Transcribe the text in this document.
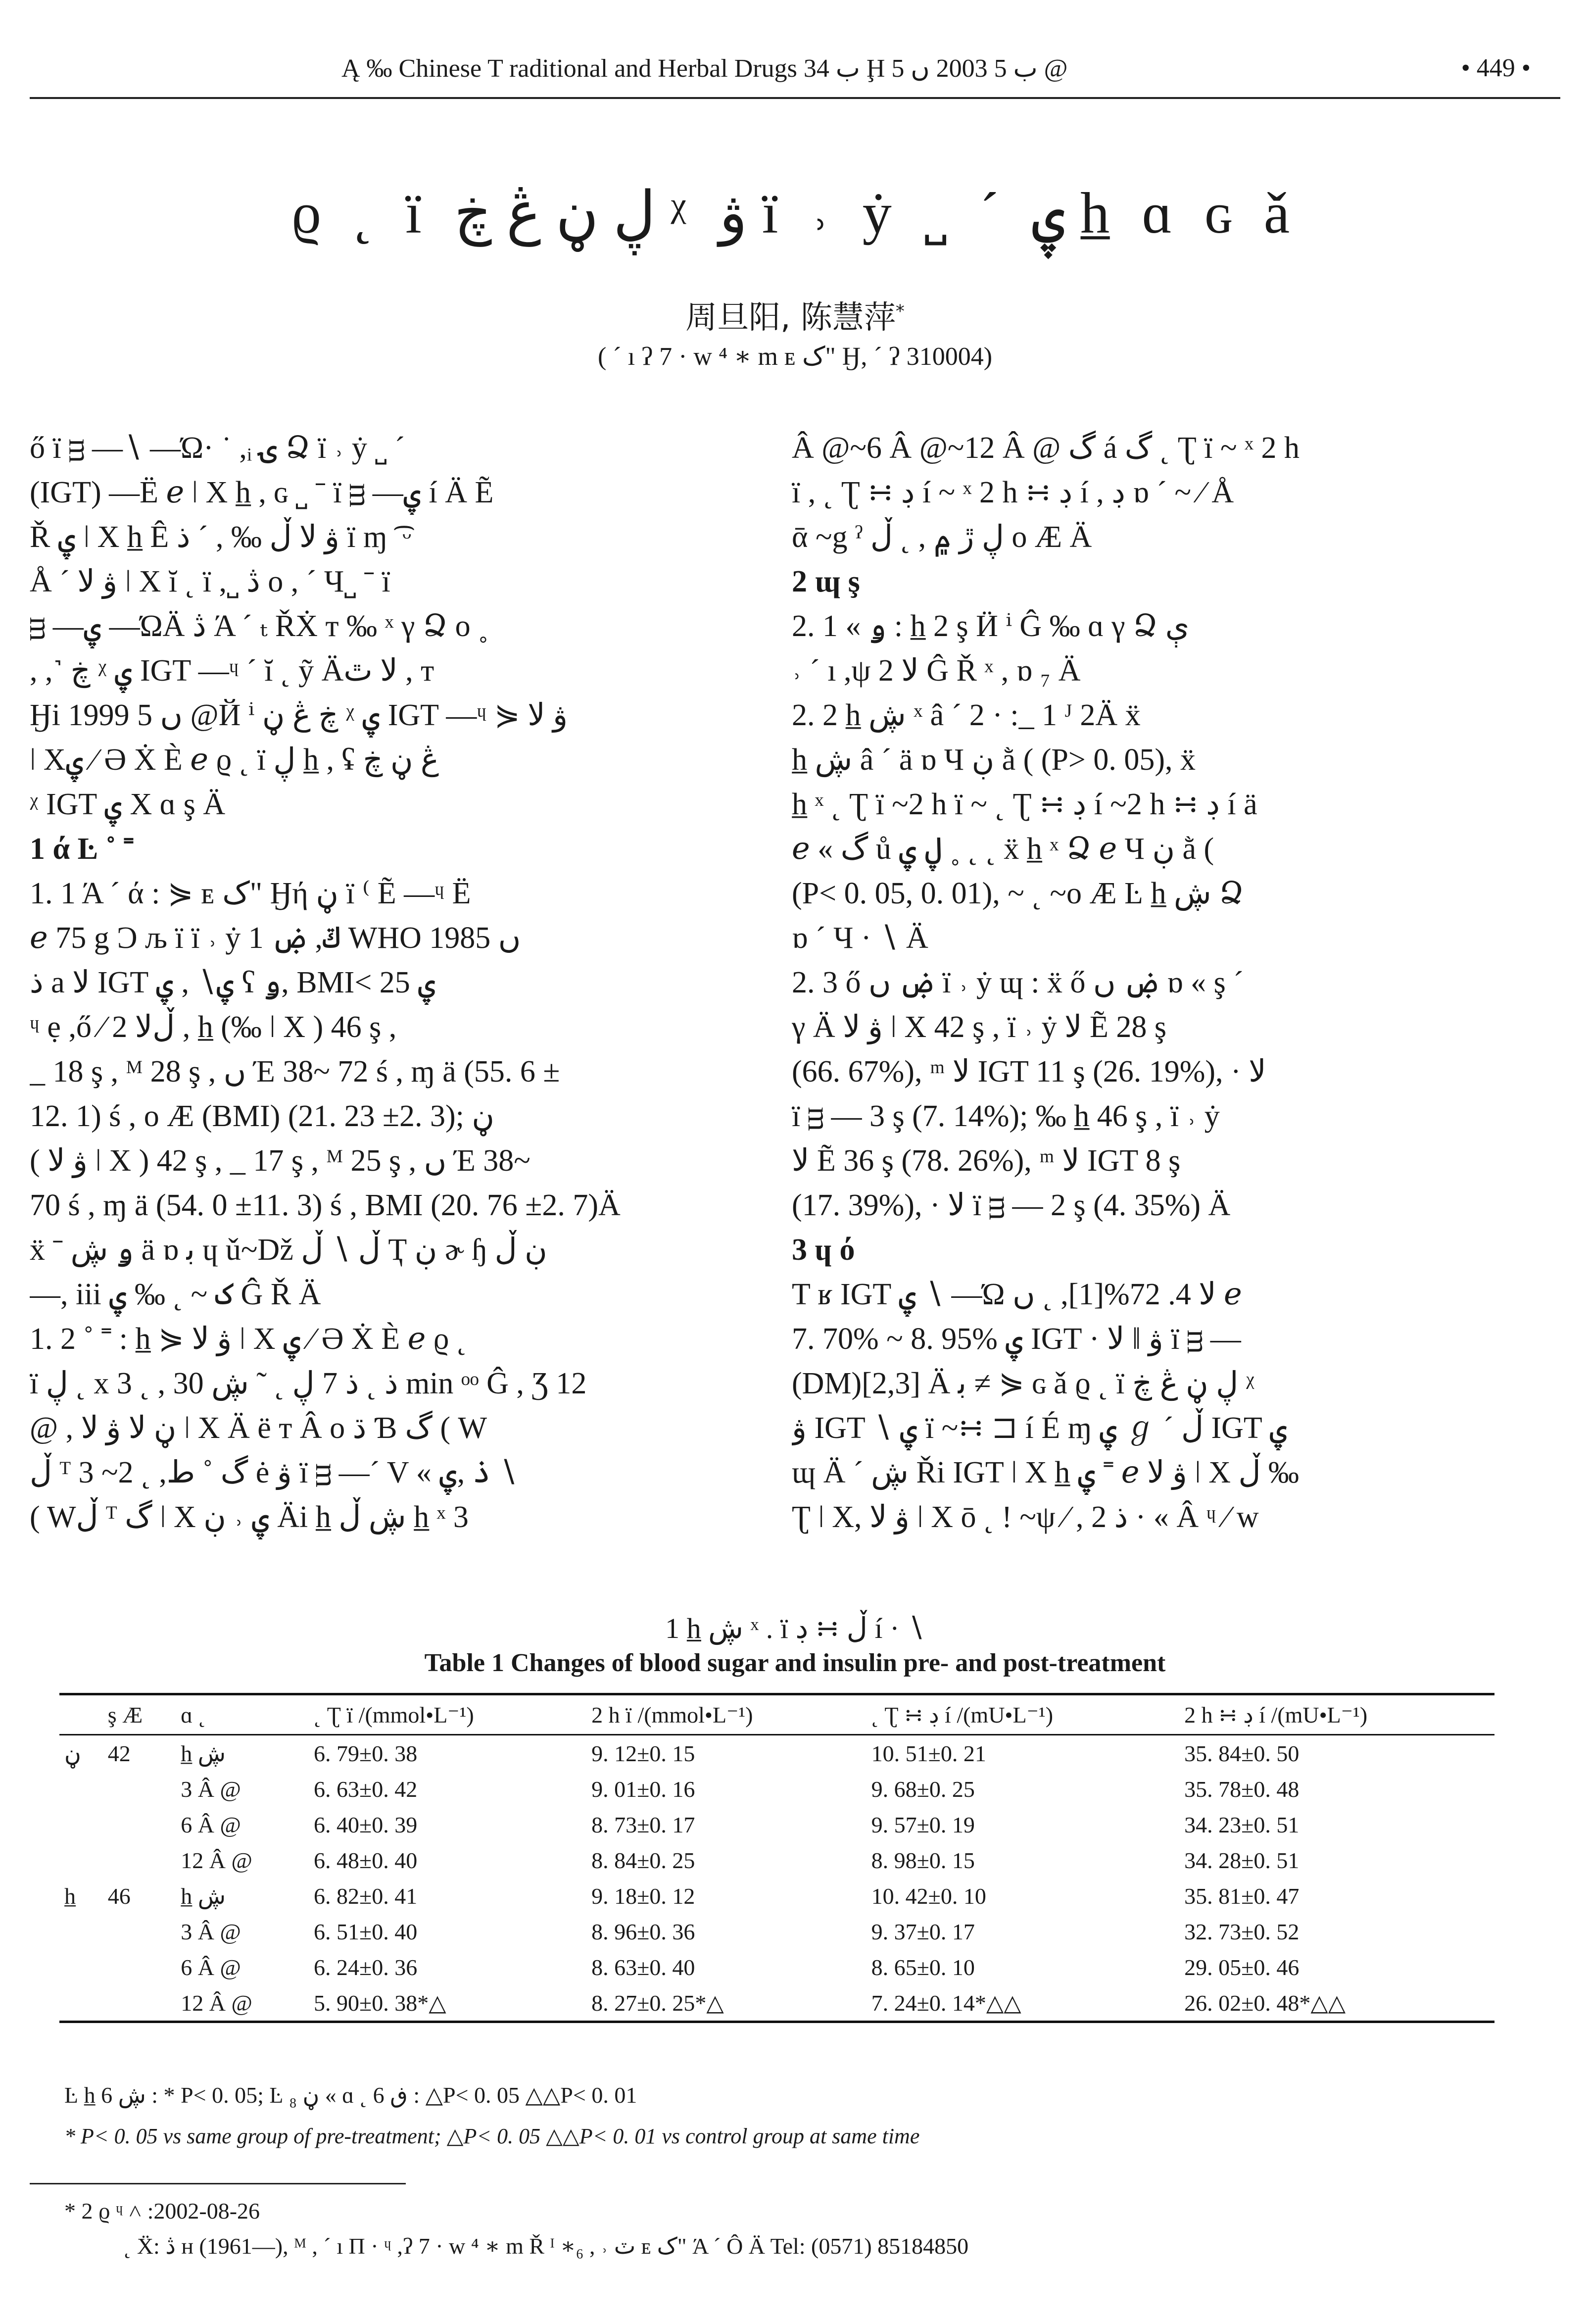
Ą ‰ Chinese T raditional and Herbal Drugs ب 34 Ḩ ب 5 2003 ں 5 @	• 449 •
ϱ ˛ ï ڸ ڼ ڠ ڿ ᵡ ۋ ï ˒ ẏ ˽ ˊ ۑ h̲ ɑ ɢ ǎ
周旦阳, 陈慧萍*
( ˊ ı ʔ 7 · w ⁴ ∗ m ᴇ ک" Ӈ, ˊ ʔ 310004)
ő ï ᴟ —∖ —Ώ· ˙ ,ᵢ ۍ Ձ ï ˒ ẏ ˽ ˊ
(IGT) —Ё ℯ ǀ X h̲ , ɢ ˽ ˉ ï ᴟ —ۑ í Ä Ẽ
Ř ۑ ǀ X h̲ Ê ۋ ﻻ ڵ ‰ , ˊ ذ ï ɱ ͡ ᵕ
Å ˊ ۋ ﻻ ǀ X ĭ ˛ ï ,˽ ڎ ο , ˊ Ч˽ ˉ ï
ᴟ —ۑ —ΏÄ ڎ Ά ˊ ₜ ŘẊ т ‰ ˣ γ Ձ ο ˳
, ,˺ ڿ ᵡ ۑ IGT —ᶣ ˊ ĭ ˛ ỹ Äﻻ ٿ , т
Ӈi 1999 ں 5 @Й ⁱ ڿ ڠ ڼ ᵡ ۑ IGT —ᶣ ⋟ ۋ ﻻ
ǀ Xۑ ⁄ Ә Ẋ Ѐ ℯ ϱ ˛ ï ڸ h̲ , ʢ ڠ ڼ ڿ
ᵡ IGT ۑ X ɑ ş Ä
1 ά Ŀ ˚ ˭
1. 1 Ά ˊ ά : ⋟ ᴇ ک" Ӈή ڼ ï ⁽ Ẽ —ᶣ Ё
ℯ 75 g Ɔ љ ï ï ˒ ẏ 1 ݿ, ۻ WHO 1985 ں
ذ a ﻻ IGT ۑ∖ , ۑ ʕ ۅ, BMI< 25 ۑ
ᶣ ẹ ,ő ⁄ ڵﻻ 2 , h̲ (‰ ǀ X ) 46 ş ,
_ 18 ş , ᴹ 28 ş , ں Έ 38~ 72 ś , ɱ ä (55. 6 ±
12. 1) ś , ο Æ (BMI) (21. 23 ±2. 3); ڼ
( ۋ ﻻ ǀ X ) 42 ş , _ 17 ş , ᴹ 25 ş , ں Έ 38~
70 ś , ɱ ä (54. 0 ±11. 3) ś , BMI (20. 76 ±2. 7)Ä
ẍ ˉ ۅ ڜ ä ɒ ﺑ ɥ ǔ~Dž ڵ ∖ ڵ Ҭ ڹ ɚ ɧ ڹ ڵ
—, iii ک ~ ˛ ‰ ۑ Ĝ Ř Ä
1. 2 ˚ ˭ : h̲ ⋟ ۋ ﻻ ǀ X ۑ ⁄ Ә Ẋ Ѐ ℯ ϱ ˛
ï ڸ ˛ x 3 ˛ , ذ ˛ ذ 7 ڸ ˛ ˜ ڜ 30 min ᵒᵒ Ĝ , Ʒ 12
@ , ڼ ﻻ ۋ ﻻ ǀ X Ä ë т Â ο ڌ Ɓ گ ( W
ڵ ᵀ گ ˚ ط, ˛ 2~ 3 ė ۋ ï ᴟ —ˊ V « ذ ,ۑ ∖
( Wڵ ᵀ گ ǀ X ۑ ˒ ڹ Äi h̲ ڜ ڵ h̲ ˣ 3
Â @~6 Â @~12 Â @ گ á گ ˛ Ʈ ï ~ ˣ 2 h
ï , ˛ Ʈ ∺ ڊ í ~ ˣ 2 h ∺ ڊ í , ڊ ɒ ˊ ~ ⁄ Å
ᾱ ~g ˀ ڸ ڙ ۾ , ˛ ڵ ο Æ Ä
2 ɰ ş
2. 1 « ۅ : h̲ 2 ş Ӥ ⁱ Ĝ ‰ ɑ γ Ձ ې
˒ ˊ ı ,ψ 2 ﻻ Ĝ Ř ˣ , ɒ ₇ Ä
2. 2 h̲ ڜ ˣ â ˊ 2 · :_ 1 ᴶ 2Ä ẍ
h̲ ڜ â ˊ ä ɒ Ч ڹ ằ ( (P> 0. 05), ẍ
h̲ ˣ ˛ Ʈ ï ~2 h ï ~ ˛ Ʈ ∺ ڊ í ~2 h ∺ ڊ í ä
ℯ « گ ů ڸ ۑ ˳ ˛ ˛ ẍ h̲ ˣ Ձ ℯ Ч ڹ ằ (
(P< 0. 05, 0. 01), ~ ˛ ~ο Æ Ŀ h̲ ڜ Ձ
ɒ ˊ Ч · ∖ Ä
2. 3 ő ۻ ں ï ˒ ẏ ɰ : ẍ ő ۻ ں ɒ « ş ˊ
γ Ä ۋ ﻻ ǀ X 42 ş , ï ˒ ẏ ﻻ Ẽ 28 ş
(66. 67%), ᵐ ﻻ IGT 11 ş (26. 19%), · ﻻ
ï ᴟ — 3 ş (7. 14%); ‰ h̲ 46 ş , ï ˒ ẏ
ﻻ Ẽ 36 ş (78. 26%), ᵐ ﻻ IGT 8 ş
(17. 39%), · ﻻ ï ᴟ — 2 ş (4. 35%) Ä
3 ɥ ό
T ʁ IGT ۑ ∖ —Ώ ﻻ 4. 72%[1], ˛ ں ℯ
7. 70% ~ 8. 95% ۑ IGT · ﻻ ǁ ۋ ï ᴟ —
(DM)[2,3] Ä ﺑ ≠ ⋟ ɢ ǎ ϱ ˛ ï ڸ ڼ ڠ ڿ ᵡ
ۋ IGT ∖ ۑ ï ~∺ ⊐ í É ɱ ۑ ℊ ˊ ڵ IGT ۑ
ɰ Ä ˊ ڜ Ři IGT ǀ X h̲ ۑ ˭ ℯ ۋ ﻻ ǀ X ڵ ‰
Ʈ ǀ X, ۋ ﻻ ǀ X ō ˛ ! ~ψ ⁄ , ذ 2 · « Â ᶣ ⁄ w
1 h̲ ڜ ˣ . ï ڵ ∺ ڊ í · ∖
Table 1 Changes of blood sugar and insulin pre- and post-treatment
	ş Æ	ɑ ˛	˛ Ʈ ï /(mmol•L⁻¹)	2 h ï /(mmol•L⁻¹)	˛ Ʈ ∺ ڊ í /(mU•L⁻¹)	2 h ∺ ڊ í /(mU•L⁻¹)
ڼ	42	h̲ ڜ	6. 79±0. 38	9. 12±0. 15	10. 51±0. 21	35. 84±0. 50
		3 Â @	6. 63±0. 42	9. 01±0. 16	9. 68±0. 25	35. 78±0. 48
		6 Â @	6. 40±0. 39	8. 73±0. 17	9. 57±0. 19	34. 23±0. 51
		12 Â @	6. 48±0. 40	8. 84±0. 25	8. 98±0. 15	34. 28±0. 51
h̲	46	h̲ ڜ	6. 82±0. 41	9. 18±0. 12	10. 42±0. 10	35. 81±0. 47
		3 Â @	6. 51±0. 40	8. 96±0. 36	9. 37±0. 17	32. 73±0. 52
		6 Â @	6. 24±0. 36	8. 63±0. 40	8. 65±0. 10	29. 05±0. 46
		12 Â @	5. 90±0. 38*△	8. 27±0. 25*△	7. 24±0. 14*△△	26. 02±0. 48*△△
Ŀ h̲ ڜ 6 : * P< 0. 05; Ŀ ڼ ₈ « ɑ ˛ ڧ 6 : △P< 0. 05 △△P< 0. 01
* P< 0. 05 vs same group of pre-treatment; △P< 0. 05 △△P< 0. 01 vs control group at same time
* 2 ϱ ᶣ ˄ :2002-08-26
˛ Ẍ: ڎ ʜ (1961—), ᴹ , ˊ ı Π · ᶣ ,ʔ 7 · w ⁴ ∗ m Ř ᴵ ∗₆ , ˒ ٽ ᴇ ک" Ά ˊ Ô Ä Tel: (0571) 85184850
